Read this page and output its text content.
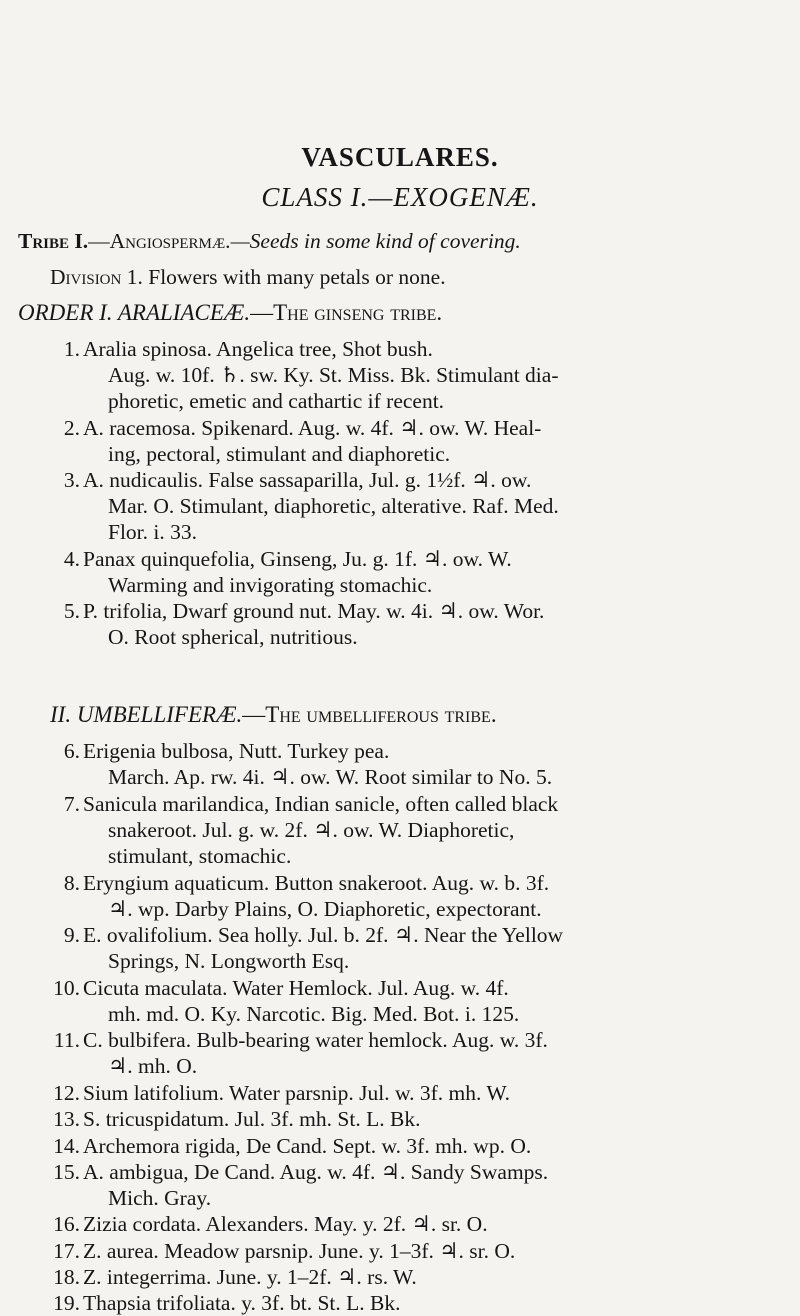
VASCULARES.
CLASS I.—EXOGENÆ.
Tribe I.—Angiospermæ.—Seeds in some kind of covering.
Division 1. Flowers with many petals or none.
ORDER I. ARALIACEÆ.—The ginseng tribe.
1. Aralia spinosa. Angelica tree, Shot bush.
Aug. w. 10f. ♄. sw. Ky. St. Miss. Bk. Stimulant dia-
phoretic, emetic and cathartic if recent.
2. A. racemosa. Spikenard. Aug. w. 4f. ♃. ow. W. Heal-
ing, pectoral, stimulant and diaphoretic.
3. A. nudicaulis. False sassaparilla, Jul. g. 1½f. ♃. ow.
Mar. O. Stimulant, diaphoretic, alterative. Raf. Med.
Flor. i. 33.
4. Panax quinquefolia, Ginseng, Ju. g. 1f. ♃. ow. W.
Warming and invigorating stomachic.
5. P. trifolia, Dwarf ground nut. May. w. 4i. ♃. ow. Wor.
O. Root spherical, nutritious.
II. UMBELLIFERÆ.—The umbelliferous tribe.
6. Erigenia bulbosa, Nutt. Turkey pea.
March. Ap. rw. 4i. ♃. ow. W. Root similar to No. 5.
7. Sanicula marilandica, Indian sanicle, often called black
snakeroot. Jul. g. w. 2f. ♃. ow. W. Diaphoretic,
stimulant, stomachic.
8. Eryngium aquaticum. Button snakeroot. Aug. w. b. 3f.
♃. wp. Darby Plains, O. Diaphoretic, expectorant.
9. E. ovalifolium. Sea holly. Jul. b. 2f. ♃. Near the Yellow
Springs, N. Longworth Esq.
10. Cicuta maculata. Water Hemlock. Jul. Aug. w. 4f.
mh. md. O. Ky. Narcotic. Big. Med. Bot. i. 125.
11. C. bulbifera. Bulb-bearing water hemlock. Aug. w. 3f.
♃. mh. O.
12. Sium latifolium. Water parsnip. Jul. w. 3f. mh. W.
13. S. tricuspidatum. Jul. 3f. mh. St. L. Bk.
14. Archemora rigida, De Cand. Sept. w. 3f. mh. wp. O.
15. A. ambigua, De Cand. Aug. w. 4f. ♃. Sandy Swamps.
Mich. Gray.
16. Zizia cordata. Alexanders. May. y. 2f. ♃. sr. O.
17. Z. aurea. Meadow parsnip. June. y. 1–3f. ♃. sr. O.
18. Z. integerrima. June. y. 1–2f. ♃. rs. W.
19. Thapsia trifoliata. y. 3f. bt. St. L. Bk.
